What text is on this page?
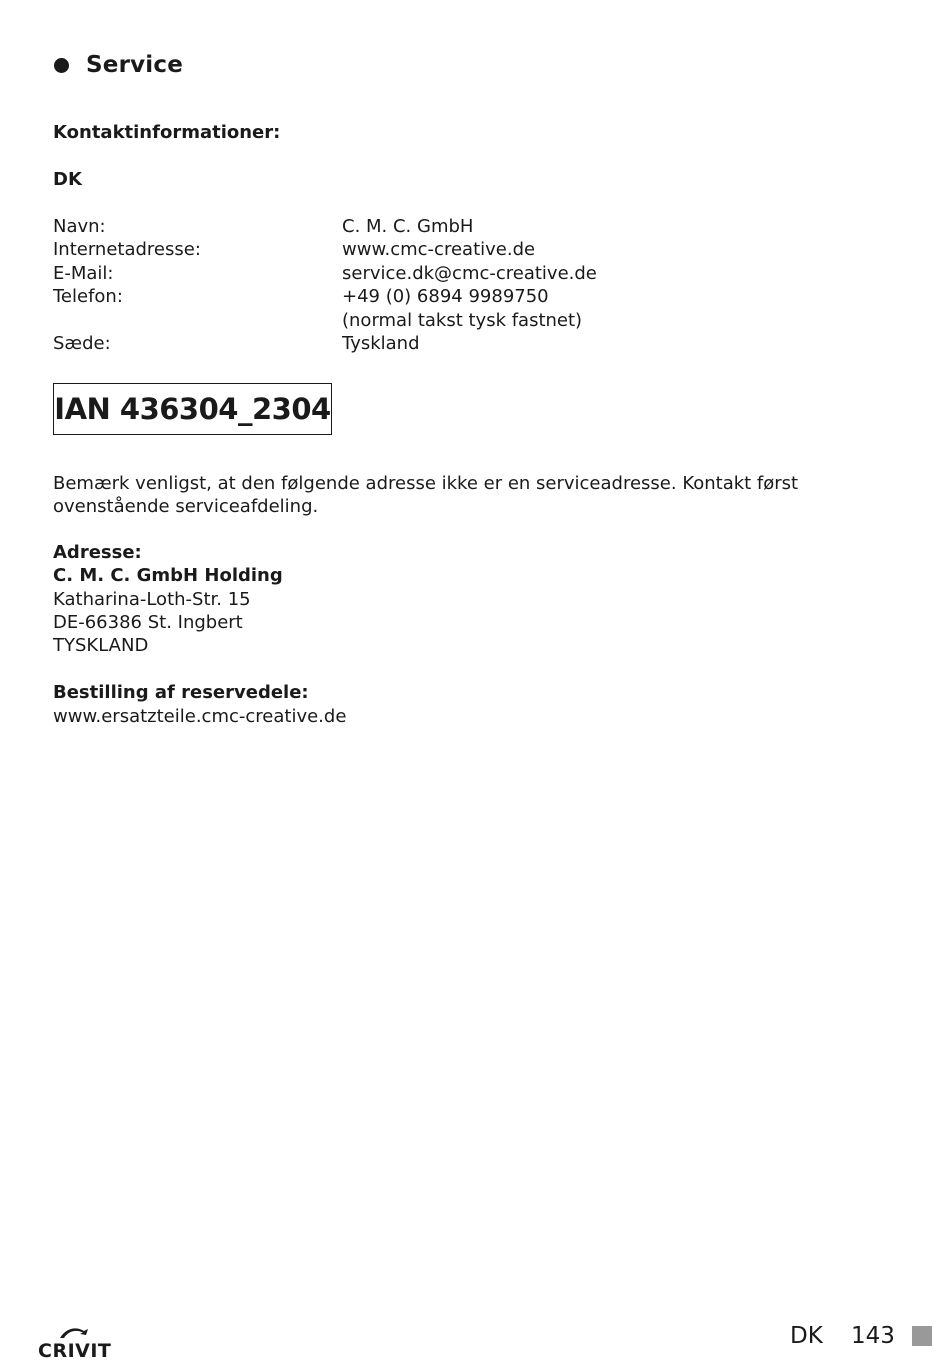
Service
Kontaktinformationer:
DK
Navn:	C. M. C. GmbH
Internetadresse:	www.cmc-creative.de
E-Mail:	service.dk@cmc-creative.de
Telefon:	+49 (0) 6894 9989750
	(normal takst tysk fastnet)
Sæde:	Tyskland
IAN 436304_2304
Bemærk venligst, at den følgende adresse ikke er en serviceadresse. Kontakt først ovenstående serviceafdeling.
Adresse:
C. M. C. GmbH Holding
Katharina-Loth-Str. 15
DE-66386 St. Ingbert
TYSKLAND
Bestilling af reservedele:
www.ersatzteile.cmc-creative.de
CRIVIT
DK 143
